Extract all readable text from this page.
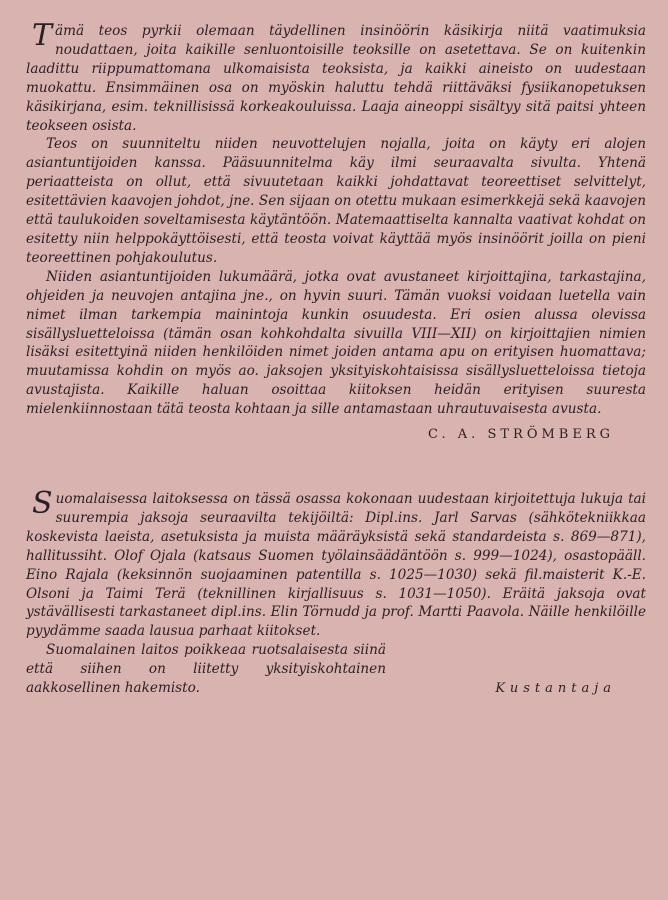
Tämä teos pyrkii olemaan täydellinen insinöörin käsikirja niitä vaatimuksia noudattaen, joita kaikille senluontoisille teoksille on asetettava. Se on kuitenkin laadittu riippumattomana ulkomaisista teoksista, ja kaikki aineisto on uudestaan muokattu. Ensimmäinen osa on myöskin haluttu tehdä riittäväksi fysiikanopetuksen käsikirjana, esim. teknillisissä korkeakouluissa. Laaja aineoppi sisältyy sitä paitsi yhteen teokseen osista.

Teos on suunniteltu niiden neuvottelujen nojalla, joita on käyty eri alojen asiantuntijoiden kanssa. Pääsuunnitelma käy ilmi seuraavalta sivulta. Yhtenä periaatteista on ollut, että sivuutetaan kaikki johdattavat teoreettiset selvittelyt, esitettävien kaavojen johdot, jne. Sen sijaan on otettu mukaan esimerkkejä sekä kaavojen että taulukoiden soveltamisesta käytäntöön. Matemaattiselta kannalta vaativat kohdat on esitetty niin helppokäyttöisesti, että teosta voivat käyttää myös insinöörit joilla on pieni teoreettinen pohjakoulutus.

Niiden asiantuntijoiden lukumäärä, jotka ovat avustaneet kirjoittajina, tarkastajina, ohjeiden ja neuvojen antajina jne., on hyvin suuri. Tämän vuoksi voidaan luetella vain nimet ilman tarkempia mainintoja kunkin osuudesta. Eri osien alussa olevissa sisällysluetteloissa (tämän osan kohkohdalta sivuilla VIII—XII) on kirjoittajien nimien lisäksi esitettyinä niiden henkilöiden nimet joiden antama apu on erityisen huomattava; muutamissa kohdin on myös ao. jaksojen yksityiskohtaisissa sisällysluetteloissa tietoja avustajista. Kaikille haluan osoittaa kiitoksen heidän erityisen suuresta mielenkiinnostaan tätä teosta kohtaan ja sille antamastaan uhrautuvaisesta avusta.

C. A. STRÖMBERG

Suomalaisessa laitoksessa on tässä osassa kokonaan uudestaan kirjoitettuja lukuja tai suurempia jaksoja seuraavilta tekijöiltä: Dipl.ins. Jarl Sarvas (sähkötekniikkaa koskevista laeista, asetuksista ja muista määräyksistä sekä standardeista s. 869—871), hallitussiht. Olof Ojala (katsaus Suomen työlainsäädäntöön s. 999—1024), osastopääll. Eino Rajala (keksinnön suojaaminen patentilla s. 1025—1030) sekä fil.maisterit K.-E. Olsoni ja Taimi Terä (teknillinen kirjallisuus s. 1031—1050). Eräitä jaksoja ovat ystävällisesti tarkastaneet dipl.ins. Elin Törnudd ja prof. Martti Paavola. Näille henkilöille pyydämme saada lausua parhaat kiitokset.

Suomalainen laitos poikkeaa ruotsalaisesta siinä että siihen on liitetty yksityiskohtainen aakkosellinen hakemisto.	Kustantaja
